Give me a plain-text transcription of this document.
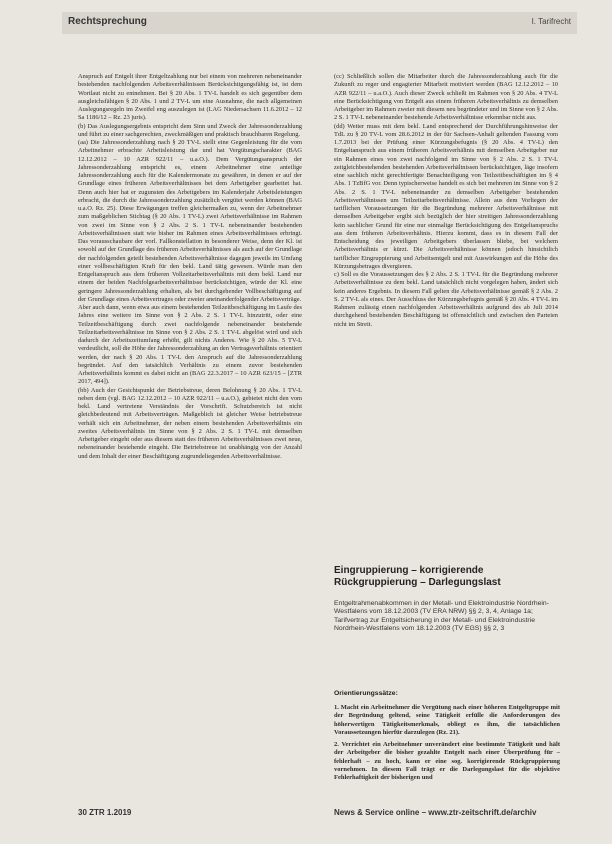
Rechtsprechung	I. Tarifrecht

Anspruch auf Entgelt ihrer Entgeltzahlung nur bei einem von mehreren nebeneinander bestehenden nachfolgenden Arbeitsverhältnissen Berücksichtigungsfähig ist, ist dem Wortlaut nicht zu entnehmen. Bei § 20 Abs. 1 TV-L handelt es sich gegenüber dem ausgleichsfähigen § 20 Abs. 1 und 2 TV-L um eine Ausnahme, die nach allgemeinen Auslegungsregeln im Zweifel eng auszulegen ist (LAG Niedersachsen 11.6.2012 – 12 Sa 1186/12 – Rz. 23 juris).

(b) Das Auslegungsergebnis entspricht dem Sinn und Zweck der Jahressonderzahlung und führt zu einer sachgerechten, zweckmäßigen und praktisch brauchbaren Regelung.

(aa) Die Jahressonderzahlung nach § 20 TV-L stellt eine Gegenleistung für die vom Arbeitnehmer erbrachte Arbeitsleistung dar und hat Vergütungscharakter (BAG 12.12.2012 – 10 AZR 922/11 – u.a.O.). Dem Vergütungsanspruch der Jahressonderzahlung entspricht es, einem Arbeitnehmer eine anteilige Jahressonderzahlung auch für die Kalendermonate zu gewähren, in denen er auf der Grundlage eines früheren Arbeitsverhältnisses bei dem Arbeitgeber gearbeitet hat. Denn auch hier hat er zugunsten des Arbeitgebers im Kalenderjahr Arbeitsleistungen erbracht, die durch die Jahressonderzahlung zusätzlich vergütet werden können (BAG u.a.O. Rz. 25). Diese Erwägungen treffen gleichermaßen zu, wenn der Arbeitnehmer zum maßgeblichen Stichtag (§ 20 Abs. 1 TV-L) zwei Arbeitsverhältnisse im Rahmen von zwei im Sinne von § 2 Abs. 2 S. 1 TV-L nebeneinander bestehenden Arbeitsverhältnissen statt wie bisher im Rahmen eines Arbeitsverhältnisses erbringt. Das vorausschaubare der vorl. Fallkonstellation in besonderer Weise, denn der Kl. ist sowohl auf der Grundlage des früheren Arbeitsverhältnisses als auch auf der Grundlage der nachfolgenden geteilt bestehenden Arbeitsverhältnisse dagegen jeweils im Umfang einer vollbeschäftigten Kraft für den bekl. Land tätig gewesen. Würde man den Entgeltanspruch aus dem früheren Vollzeitarbeitsverhältnis mit dem bekl. Land nur einem der beiden Nachfolgearbeitsverhältnisse berücksichtigen, würde der Kl. eine geringere Jahressonderzahlung erhalten, als bei durchgehender Vollbeschäftigung auf der Grundlage eines Arbeitsvertrages oder zweier aneinanderfolgender Arbeitsverträge.

Aber auch dann, wenn etwa aus einem bestehenden Teilzeitbeschäftigung im Laufe des Jahres eine weitere im Sinne von § 2 Abs. 2 S. 1 TV-L hinzutritt, oder eine Teilzeitbeschäftigung durch zwei nachfolgende nebeneinander bestehende Teilzeitarbeitsverhältnisse im Sinne von § 2 Abs. 2 S. 1 TV-L abgelöst wird und sich dadurch der Arbeitszeitumfang erhöht, gilt nichts Anderes. Wie § 20 Abs. 5 TV-L verdeutlicht, soll die Höhe der Jahressonderzahlung an den Vertragsverhältnis orientiert werden, der nach § 20 Abs. 1 TV-L den Anspruch auf die Jahressonderzahlung begründet. Auf den tatsächlich Verhältnis zu einem zuvor bestehenden Arbeitsverhältnis kommt es dabei nicht an (BAG 22.3.2017 – 10 AZR 623/15 – [ZTR 2017, 494]).

(bb) Auch der Gesichtspunkt der Betriebstreue, deren Belohnung § 20 Abs. 1 TV-L neben dem (vgl. BAG 12.12.2012 – 10 AZR 922/11 – u.a.O.), gebietet nicht den vom bekl. Land vertretene Verständnis der Vorschrift. Schutzbereich ist nicht gleichbedeutend mit Arbeitsverträgen. Maßgeblich ist gleicher Weise betriebstreue verhält sich ein Arbeitnehmer, der neben einem bestehenden Arbeitsverhältnis ein zweites Arbeitsverhältnis im Sinne von § 2 Abs. 2 S. 1 TV-L mit demselben Arbeitgeber eingeht oder aus diesem statt des früheren Arbeitsverhältnisses zwei neue, nebeneinander bestehende eingeht. Die Betriebstreue ist unabhängig von der Anzahl und dem Inhalt der einer Beschäftigung zugrundeliegenden Arbeitsverhältnisse.

(cc) Schließlich sollen die Mitarbeiter durch die Jahressonderzahlung auch für die Zukunft zu reger und engagierter Mitarbeit motiviert werden (BAG 12.12.2012 – 10 AZR 922/11 – u.a.O.). Auch dieser Zweck schließt im Rahmen von § 20 Abs. 4 TV-L eine Berücksichtigung von Entgelt aus einem früheren Arbeitsverhältnis zu demselben Arbeitgeber im Rahmen zweier mit diesem neu begründeter und im Sinne von § 2 Abs. 2 S. 1 TV-L nebeneinander bestehende Arbeitsverhältnisse erkennbar nicht aus.

(dd) Weiter muss mit dem bekl. Land entsprechend der Durchführungshinweise der TdL zu § 20 TV-L vom 28.6.2012 in der für Sachsen-Anhalt geltenden Fassung vom 1.7.2013 bei der Prüfung einer Kürzungsbefugnis (§ 20 Abs. 4 TV-L) den Entgeltanspruch aus einem früheren Arbeitsverhältnis mit demselben Arbeitgeber nur ein Rahmen eines von zwei nachfolgend im Sinne von § 2 Abs. 2 S. 1 TV-L zeitgleichbestehenden bestehenden Arbeitsverhältnissen berücksichtigen, läge insofern eine sachlich nicht gerechtfertigte Benachteiligung von Teilzeitbeschäftigten im § 4 Abs. 1 TzBfG vor. Denn typischerweise handelt es sich bei mehreren im Sinne von § 2 Abs. 2 S. 1 TV-L nebeneinander zu demselben Arbeitgeber bestehenden Arbeitsverhältnissen um Teilzeitarbeitsverhältnisse. Allein aus dem Vorliegen der tariflichen Voraussetzungen für die Begründung mehrerer Arbeitsverhältnisse mit demselben Arbeitgeber ergibt sich bezüglich der hier streitigen Jahressonderzahlung kein sachlicher Grund für eine nur einmalige Berücksichtigung des Entgeltanspruchs aus dem früheren Arbeitsverhältnis. Hierzu kommt, dass es in diesem Fall der Entscheidung des jeweiligen Arbeitgebers überlassen bliebe, bei welchem Arbeitsverhältnis er kürzt. Die Arbeitsverhältnisse können jedoch hinsichtlich tariflicher Eingruppierung und Arbeitsentgelt und mit Auswirkungen auf die Höhe des Kürzungsbetrages divergieren.

c) Soll es die Voraussetzungen des § 2 Abs. 2 S. 1 TV-L für die Begründung mehrerer Arbeitsverhältnisse zu dem bekl. Land tatsächlich nicht vorgelegen haben, ändert sich kein anderes Ergebnis. In diesem Fall gelten die Arbeitsverhältnisse gemäß § 2 Abs. 2 S. 2 TV-L als eines. Der Ausschluss der Kürzungsbefugnis gemäß § 20 Abs. 4 TV-L im Rahmen zulässig einen nachfolgenden Arbeitsverhältnis aufgrund des ab Juli 2014 durchgehend bestehenden Beschäftigung ist offensichtlich und zwischen den Parteien nicht im Streit.

Eingruppierung – korrigierende Rückgruppierung – Darlegungslast
Entgeltrahmenabkommen in der Metall- und Elektroindustrie Nordrhein-Westfalens vom 18.12.2003 (TV ERA NRW) §§ 2, 3, 4, Anlage 1a; Tarifvertrag zur Entgeltsicherung in der Metall- und Elektroindustrie Nordrhein-Westfalens vom 18.12.2003 (TV EGS) §§ 2, 3
Orientierungssätze:

1. Macht ein Arbeitnehmer die Vergütung nach einer höheren Entgeltgruppe mit der Begründung geltend, seine Tätigkeit erfülle die Anforderungen des höherwertigen Tätigkeitsmerkmals, obliegt es ihm, die tatsächlichen Voraussetzungen hierfür darzulegen (Rz. 21).

2. Verrichtet ein Arbeitnehmer unverändert eine bestimmte Tätigkeit und hält der Arbeitgeber die bisher gezahlte Entgelt nach einer Überprüfung für – fehlerhaft – zu hoch, kann er eine sog. korrigierende Rückgruppierung vornehmen. In diesem Fall trägt er die Darlegungslast für die objektive Fehlerhaftigkeit der bisherigen und

30 ZTR 1.2019	News & Service online – www.ztr-zeitschrift.de/archiv
